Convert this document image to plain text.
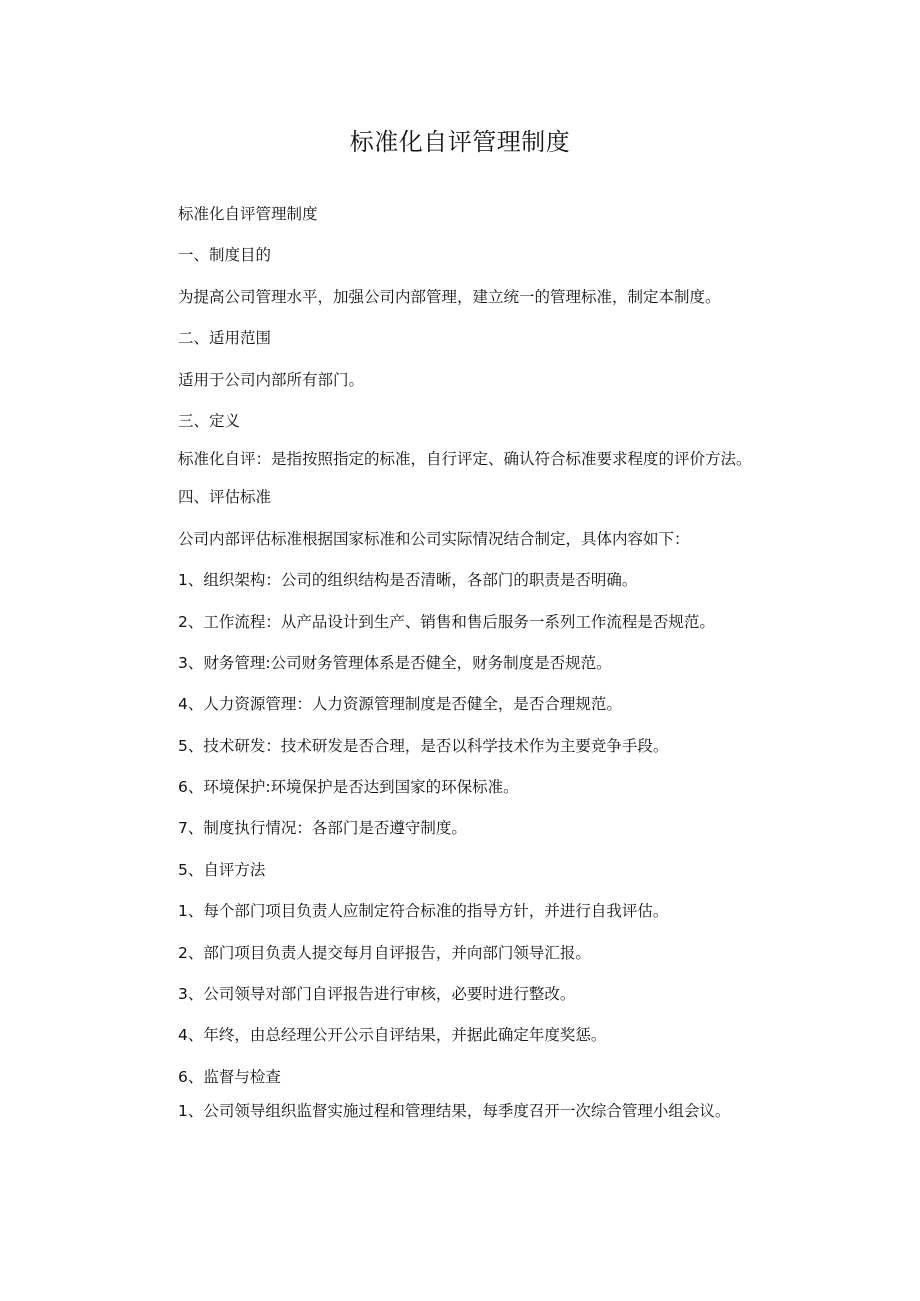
标准化自评管理制度

标准化自评管理制度

一、制度目的

为提高公司管理水平，加强公司内部管理，建立统一的管理标准，制定本制度。

二、适用范围

适用于公司内部所有部门。

三、定义

标准化自评：是指按照指定的标准，自行评定、确认符合标准要求程度的评价方法。

四、评估标准

公司内部评估标准根据国家标准和公司实际情况结合制定，具体内容如下：

1、组织架构：公司的组织结构是否清晰，各部门的职责是否明确。

2、工作流程：从产品设计到生产、销售和售后服务一系列工作流程是否规范。

3、财务管理:公司财务管理体系是否健全，财务制度是否规范。

4、人力资源管理：人力资源管理制度是否健全，是否合理规范。

5、技术研发：技术研发是否合理，是否以科学技术作为主要竞争手段。

6、环境保护:环境保护是否达到国家的环保标准。

7、制度执行情况：各部门是否遵守制度。

5、自评方法

1、每个部门项目负责人应制定符合标准的指导方针，并进行自我评估。

2、部门项目负责人提交每月自评报告，并向部门领导汇报。

3、公司领导对部门自评报告进行审核，必要时进行整改。

4、年终，由总经理公开公示自评结果，并据此确定年度奖惩。

6、监督与检查

1、公司领导组织监督实施过程和管理结果，每季度召开一次综合管理小组会议。
